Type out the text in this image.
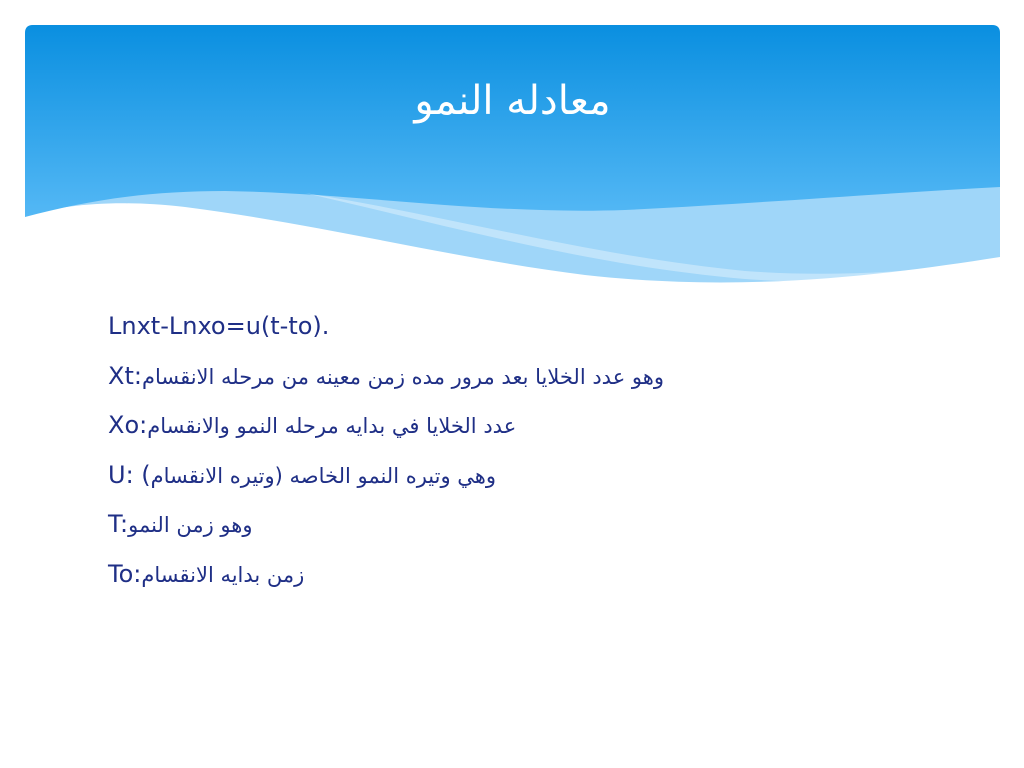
معادله النمو
Lnxt-Lnxo=u(t-to).
Xt:وهو عدد الخلايا بعد مرور مده زمن معينه من مرحله الانقسام
Xo:عدد الخلايا في بدايه مرحله النمو والانقسام
U: (وهي وتيره النمو الخاصه (وتيره الانقسام
T:وهو زمن النمو
To:زمن بدايه الانقسام
